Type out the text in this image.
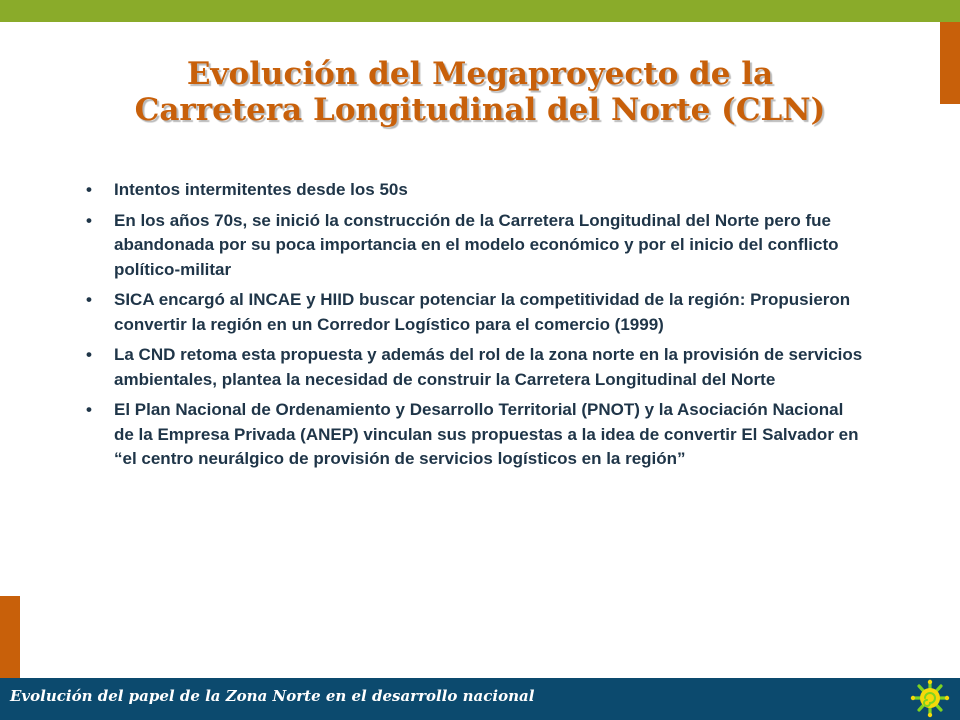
Evolución del Megaproyecto de la
Carretera Longitudinal del Norte (CLN)
• Intentos intermitentes desde los 50s
• En los años 70s, se inició la construcción de la Carretera Longitudinal del Norte pero fue abandonada por su poca importancia en el modelo económico y por el inicio del conflicto político-militar
• SICA encargó al INCAE y HIID buscar potenciar la competitividad de la región: Propusieron convertir la región en un Corredor Logístico para el comercio (1999)
• La CND retoma esta propuesta y además del rol de la zona norte en la provisión de servicios ambientales, plantea la necesidad de construir la Carretera Longitudinal del Norte
• El Plan Nacional de Ordenamiento y Desarrollo Territorial (PNOT) y la Asociación Nacional de la Empresa Privada (ANEP) vinculan sus propuestas a la idea de convertir El Salvador en “el centro neurálgico de provisión de servicios logísticos en la región”
Evolución del papel de la Zona Norte en el desarrollo nacional
